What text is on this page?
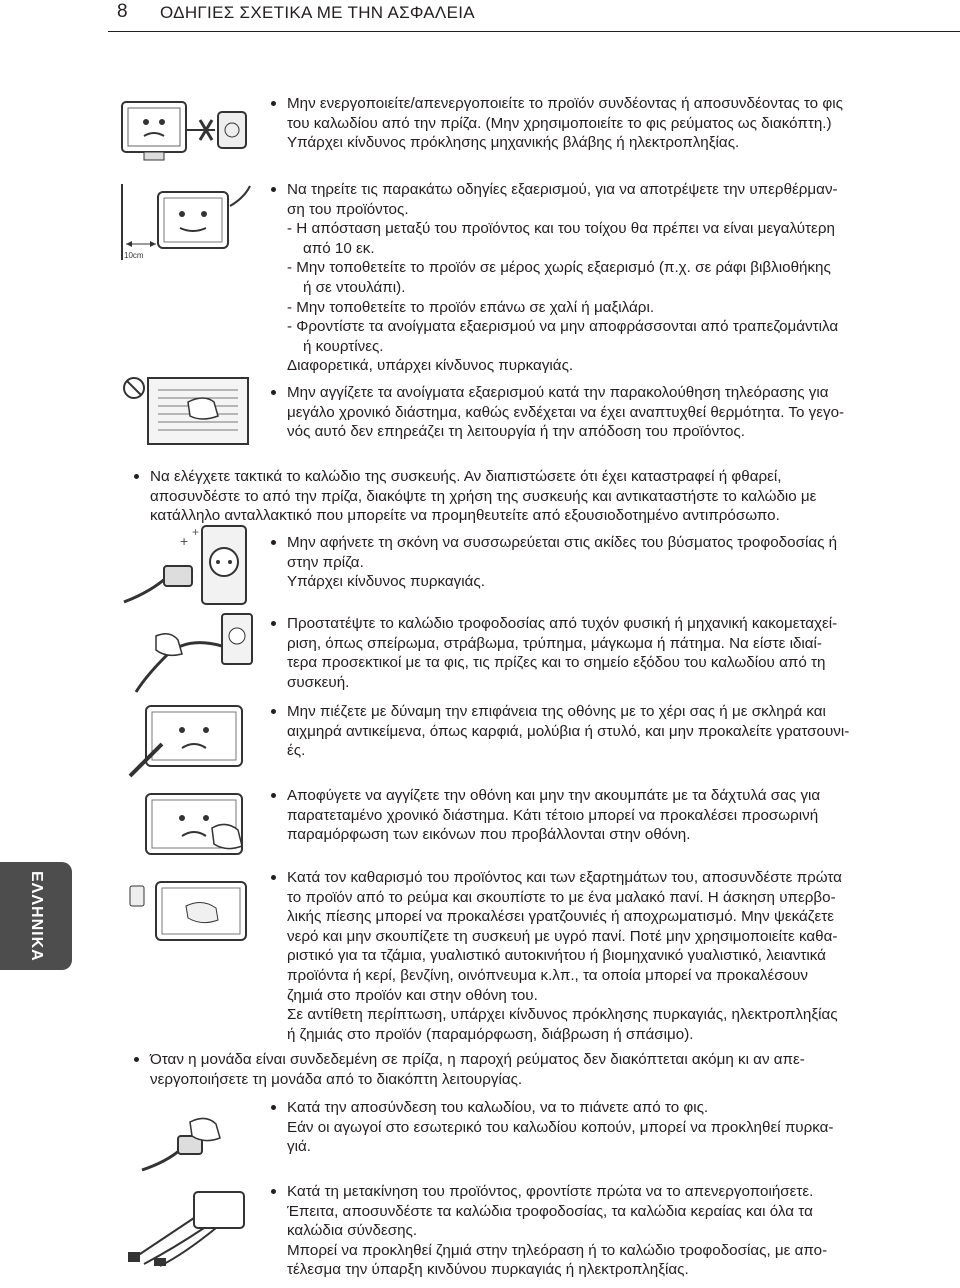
8 ΟΔΗΓΙΕΣ ΣΧΕΤΙΚΑ ΜΕ ΤΗΝ ΑΣΦΑΛΕΙΑ
ΕΛΛΗΝΙΚΑ
10cm
+
+
Μην ενεργοποιείτε/απενεργοποιείτε το προϊόν συνδέοντας ή αποσυνδέοντας το φις
του καλωδίου από την πρίζα. (Μην χρησιμοποιείτε το φις ρεύματος ως διακόπτη.)
Υπάρχει κίνδυνος πρόκλησης μηχανικής βλάβης ή ηλεκτροπληξίας.
Να τηρείτε τις παρακάτω οδηγίες εξαερισμού, για να αποτρέψετε την υπερθέρμαν-
ση του προϊόντος.
- Η απόσταση μεταξύ του προϊόντος και του τοίχου θα πρέπει να είναι μεγαλύτερη
από 10 εκ.
- Μην τοποθετείτε το προϊόν σε μέρος χωρίς εξαερισμό (π.χ. σε ράφι βιβλιοθήκης
ή σε ντουλάπι).
- Μην τοποθετείτε το προϊόν επάνω σε χαλί ή μαξιλάρι.
- Φροντίστε τα ανοίγματα εξαερισμού να μην αποφράσσονται από τραπεζομάντιλα
ή κουρτίνες.
Διαφορετικά, υπάρχει κίνδυνος πυρκαγιάς.
Μην αγγίζετε τα ανοίγματα εξαερισμού κατά την παρακολούθηση τηλεόρασης για
μεγάλο χρονικό διάστημα, καθώς ενδέχεται να έχει αναπτυχθεί θερμότητα. Το γεγο-
νός αυτό δεν επηρεάζει τη λειτουργία ή την απόδοση του προϊόντος.
Να ελέγχετε τακτικά το καλώδιο της συσκευής. Αν διαπιστώσετε ότι έχει καταστραφεί ή φθαρεί,
αποσυνδέστε το από την πρίζα, διακόψτε τη χρήση της συσκευής και αντικαταστήστε το καλώδιο με
κατάλληλο ανταλλακτικό που μπορείτε να προμηθευτείτε από εξουσιοδοτημένο αντιπρόσωπο.
Μην αφήνετε τη σκόνη να συσσωρεύεται στις ακίδες του βύσματος τροφοδοσίας ή
στην πρίζα.
Υπάρχει κίνδυνος πυρκαγιάς.
Προστατέψτε το καλώδιο τροφοδοσίας από τυχόν φυσική ή μηχανική κακομεταχεί-
ριση, όπως σπείρωμα, στράβωμα, τρύπημα, μάγκωμα ή πάτημα. Να είστε ιδιαί-
τερα προσεκτικοί με τα φις, τις πρίζες και το σημείο εξόδου του καλωδίου από τη
συσκευή.
Μην πιέζετε με δύναμη την επιφάνεια της οθόνης με το χέρι σας ή με σκληρά και
αιχμηρά αντικείμενα, όπως καρφιά, μολύβια ή στυλό, και μην προκαλείτε γρατσουνι-
ές.
Αποφύγετε να αγγίζετε την οθόνη και μην την ακουμπάτε με τα δάχτυλά σας για
παρατεταμένο χρονικό διάστημα. Κάτι τέτοιο μπορεί να προκαλέσει προσωρινή
παραμόρφωση των εικόνων που προβάλλονται στην οθόνη.
Κατά τον καθαρισμό του προϊόντος και των εξαρτημάτων του, αποσυνδέστε πρώτα
το προϊόν από το ρεύμα και σκουπίστε το με ένα μαλακό πανί. Η άσκηση υπερβο-
λικής πίεσης μπορεί να προκαλέσει γρατζουνιές ή αποχρωματισμό. Μην ψεκάζετε
νερό και μην σκουπίζετε τη συσκευή με υγρό πανί. Ποτέ μην χρησιμοποιείτε καθα-
ριστικό για τα τζάμια, γυαλιστικό αυτοκινήτου ή βιομηχανικό γυαλιστικό, λειαντικά
προϊόντα ή κερί, βενζίνη, οινόπνευμα κ.λπ., τα οποία μπορεί να προκαλέσουν
ζημιά στο προϊόν και στην οθόνη του.
Σε αντίθετη περίπτωση, υπάρχει κίνδυνος πρόκλησης πυρκαγιάς, ηλεκτροπληξίας
ή ζημιάς στο προϊόν (παραμόρφωση, διάβρωση ή σπάσιμο).
Όταν η μονάδα είναι συνδεδεμένη σε πρίζα, η παροχή ρεύματος δεν διακόπτεται ακόμη κι αν απε-
νεργοποιήσετε τη μονάδα από το διακόπτη λειτουργίας.
Κατά την αποσύνδεση του καλωδίου, να το πιάνετε από το φις.
Εάν οι αγωγοί στο εσωτερικό του καλωδίου κοπούν, μπορεί να προκληθεί πυρκα-
γιά.
Κατά τη μετακίνηση του προϊόντος, φροντίστε πρώτα να το απενεργοποιήσετε.
Έπειτα, αποσυνδέστε τα καλώδια τροφοδοσίας, τα καλώδια κεραίας και όλα τα
καλώδια σύνδεσης.
Μπορεί να προκληθεί ζημιά στην τηλεόραση ή το καλώδιο τροφοδοσίας, με απο-
τέλεσμα την ύπαρξη κινδύνου πυρκαγιάς ή ηλεκτροπληξίας.
